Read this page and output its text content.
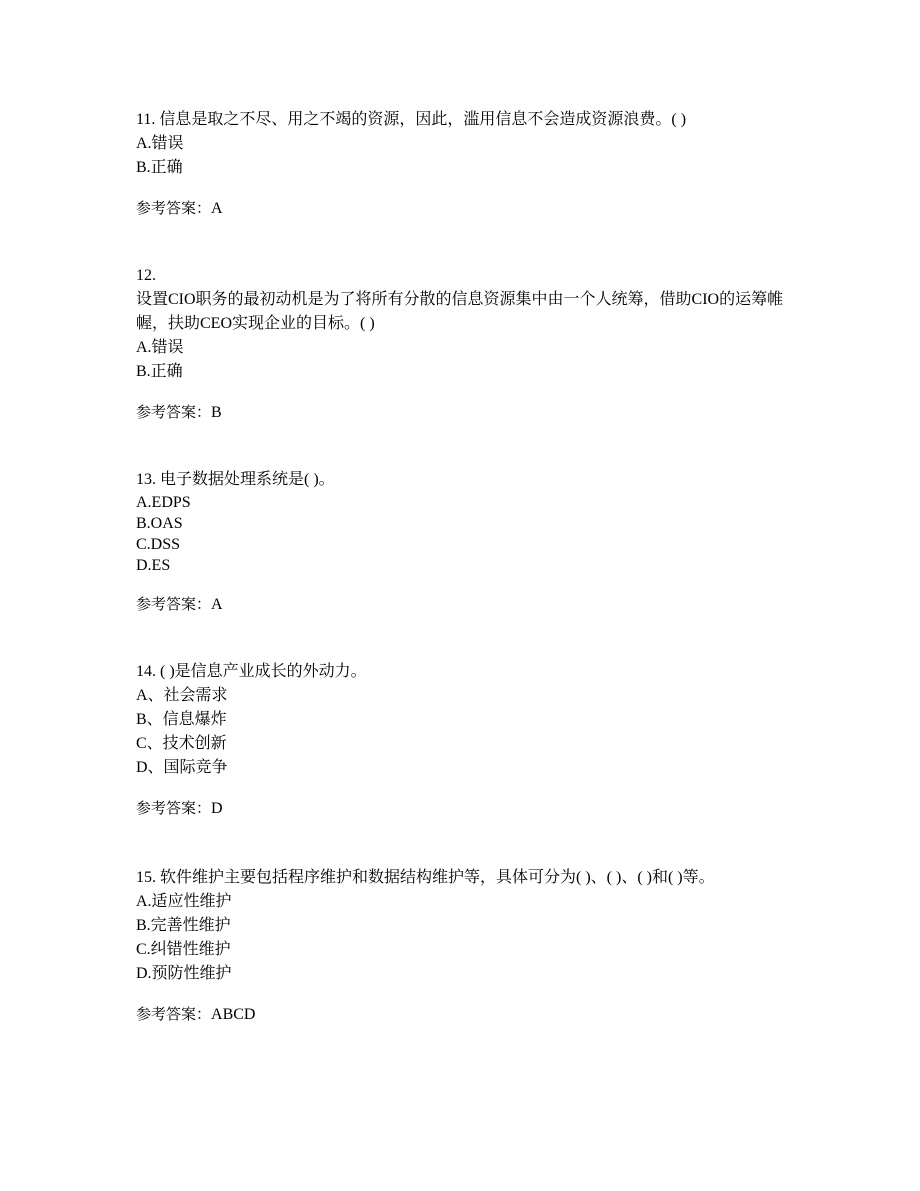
11. 信息是取之不尽、用之不竭的资源，因此，滥用信息不会造成资源浪费。( )
A.错误
B.正确
参考答案：A
12.
设置CIO职务的最初动机是为了将所有分散的信息资源集中由一个人统筹，借助CIO的运筹帷幄，扶助CEO实现企业的目标。( )
A.错误
B.正确
参考答案：B
13. 电子数据处理系统是( )。
A.EDPS
B.OAS
C.DSS
D.ES
参考答案：A
14. ( )是信息产业成长的外动力。
A、社会需求
B、信息爆炸
C、技术创新
D、国际竞争
参考答案：D
15. 软件维护主要包括程序维护和数据结构维护等，具体可分为( )、( )、( )和( )等。
A.适应性维护
B.完善性维护
C.纠错性维护
D.预防性维护
参考答案：ABCD
